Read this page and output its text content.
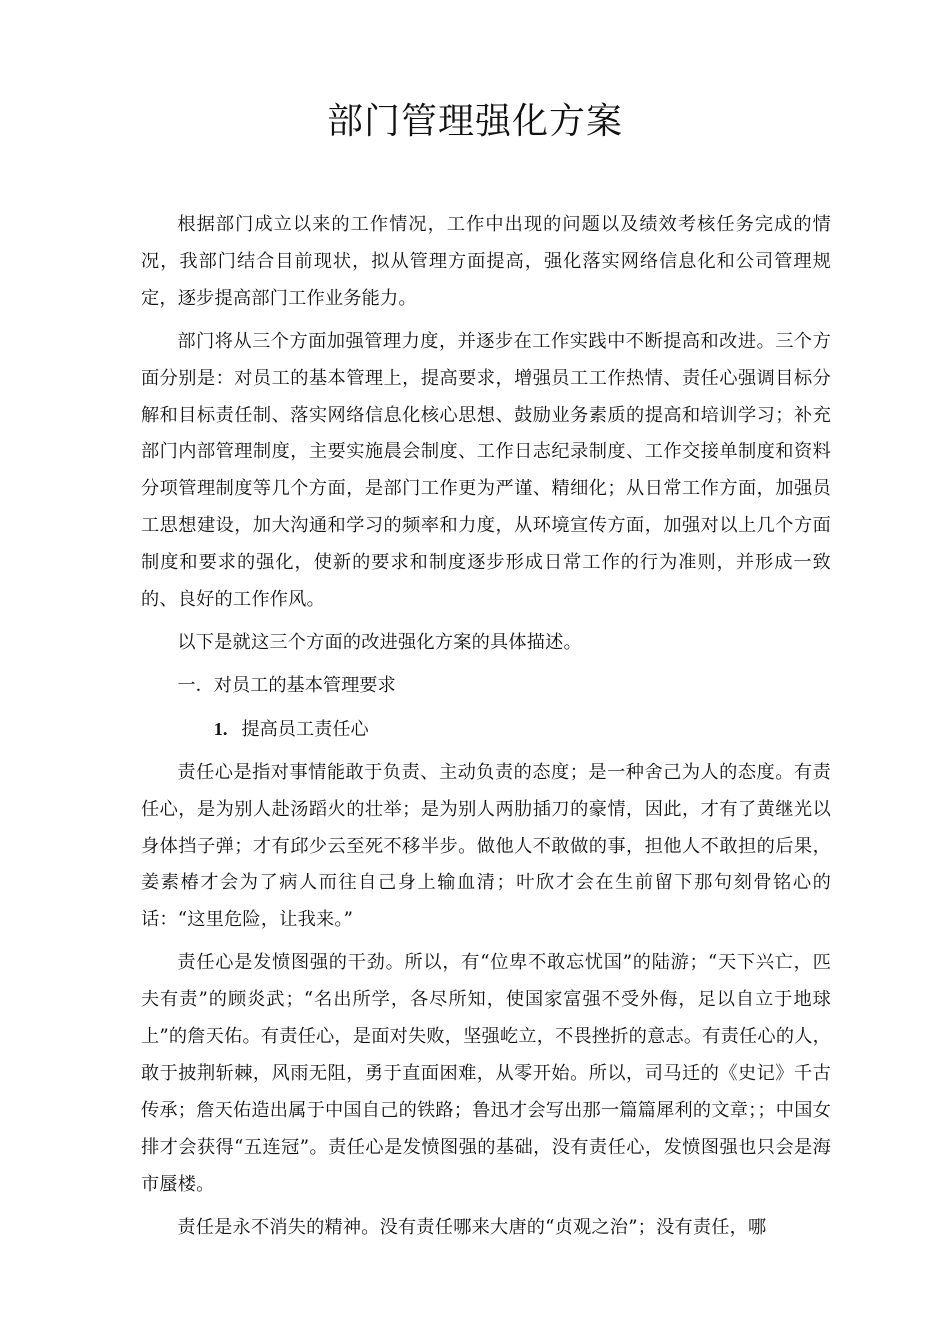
部门管理强化方案

根据部门成立以来的工作情况，工作中出现的问题以及绩效考核任务完成的情况，我部门结合目前现状，拟从管理方面提高，强化落实网络信息化和公司管理规定，逐步提高部门工作业务能力。

部门将从三个方面加强管理力度，并逐步在工作实践中不断提高和改进。三个方面分别是：对员工的基本管理上，提高要求，增强员工工作热情、责任心强调目标分解和目标责任制、落实网络信息化核心思想、鼓励业务素质的提高和培训学习；补充部门内部管理制度，主要实施晨会制度、工作日志纪录制度、工作交接单制度和资料分项管理制度等几个方面，是部门工作更为严谨、精细化；从日常工作方面，加强员工思想建设，加大沟通和学习的频率和力度，从环境宣传方面，加强对以上几个方面制度和要求的强化，使新的要求和制度逐步形成日常工作的行为准则，并形成一致的、良好的工作作风。

以下是就这三个方面的改进强化方案的具体描述。

一．对员工的基本管理要求

1. 提高员工责任心

责任心是指对事情能敢于负责、主动负责的态度；是一种舍己为人的态度。有责任心，是为别人赴汤蹈火的壮举；是为别人两肋插刀的豪情，因此，才有了黄继光以身体挡子弹；才有邱少云至死不移半步。做他人不敢做的事，担他人不敢担的后果，姜素椿才会为了病人而往自己身上输血清；叶欣才会在生前留下那句刻骨铭心的话：“这里危险，让我来。”

责任心是发愤图强的干劲。所以，有“位卑不敢忘忧国”的陆游；“天下兴亡，匹夫有责”的顾炎武；“名出所学，各尽所知，使国家富强不受外侮，足以自立于地球上”的詹天佑。有责任心，是面对失败，坚强屹立，不畏挫折的意志。有责任心的人，敢于披荆斩棘，风雨无阻，勇于直面困难，从零开始。所以，司马迁的《史记》千古传承；詹天佑造出属于中国自己的铁路；鲁迅才会写出那一篇篇犀利的文章；；中国女排才会获得“五连冠”。责任心是发愤图强的基础，没有责任心，发愤图强也只会是海市蜃楼。

责任是永不消失的精神。没有责任哪来大唐的“贞观之治”；没有责任，哪
